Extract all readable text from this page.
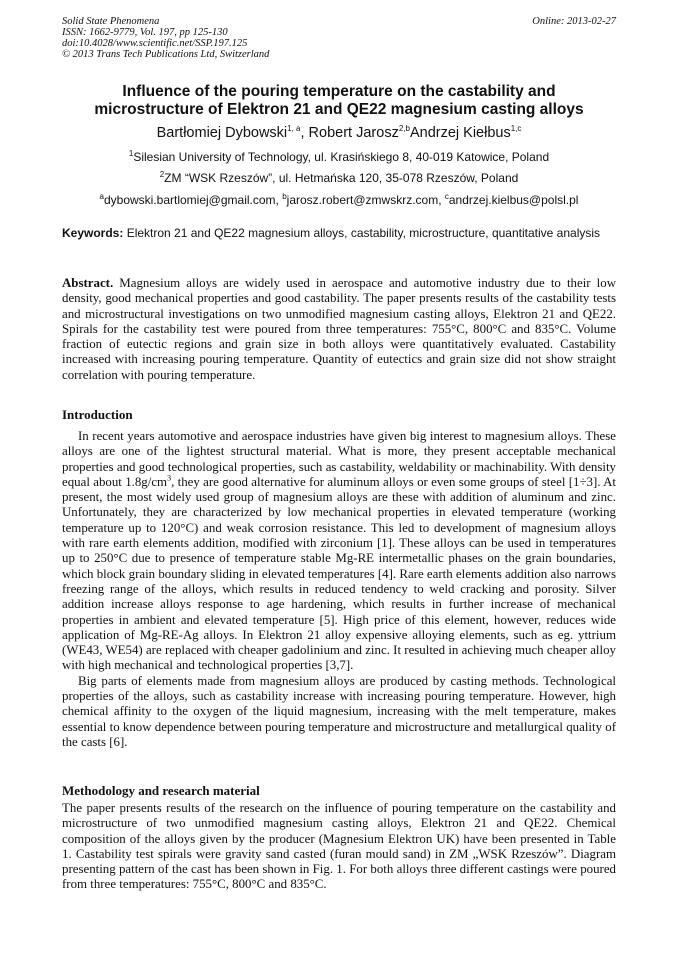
Solid State Phenomena
ISSN: 1662-9779, Vol. 197, pp 125-130
doi:10.4028/www.scientific.net/SSP.197.125
© 2013 Trans Tech Publications Ltd, Switzerland
Online: 2013-02-27
Influence of the pouring temperature on the castability and
microstructure of Elektron 21 and QE22 magnesium casting alloys
Bartłomiej Dybowski$^{1, a}$, Robert Jarosz$^{2,b}$Andrzej Kiełbus$^{1,c}$
$^1$Silesian University of Technology, ul. Krasińskiego 8, 40-019 Katowice, Poland
$^2$ZM “WSK Rzeszów”, ul. Hetmańska 120, 35-078 Rzeszów, Poland
$^a$dybowski.bartlomiej@gmail.com, $^b$jarosz.robert@zmwskrz.com, $^c$andrzej.kielbus@polsl.pl
Keywords: Elektron 21 and QE22 magnesium alloys, castability, microstructure, quantitative analysis

Abstract. Magnesium alloys are widely used in aerospace and automotive industry due to their low density, good mechanical properties and good castability. The paper presents results of the castability tests and microstructural investigations on two unmodified magnesium casting alloys, Elektron 21 and QE22. Spirals for the castability test were poured from three temperatures: 755°C, 800°C and 835°C. Volume fraction of eutectic regions and grain size in both alloys were quantitatively evaluated. Castability increased with increasing pouring temperature. Quantity of eutectics and grain size did not show straight correlation with pouring temperature.

Introduction

In recent years automotive and aerospace industries have given big interest to magnesium alloys. These alloys are one of the lightest structural material. What is more, they present acceptable mechanical properties and good technological properties, such as castability, weldability or machinability. With density equal about $1.8g/cm^3$, they are good alternative for aluminum alloys or even some groups of steel [1÷3]. At present, the most widely used group of magnesium alloys are these with addition of aluminum and zinc. Unfortunately, they are characterized by low mechanical properties in elevated temperature (working temperature up to 120°C) and weak corrosion resistance. This led to development of magnesium alloys with rare earth elements addition, modified with zirconium [1]. These alloys can be used in temperatures up to 250°C due to presence of temperature stable Mg-RE intermetallic phases on the grain boundaries, which block grain boundary sliding in elevated temperatures [4]. Rare earth elements addition also narrows freezing range of the alloys, which results in reduced tendency to weld cracking and porosity. Silver addition increase alloys response to age hardening, which results in further increase of mechanical properties in ambient and elevated temperature [5]. High price of this element, however, reduces wide application of Mg-RE-Ag alloys. In Elektron 21 alloy expensive alloying elements, such as eg. yttrium (WE43, WE54) are replaced with cheaper gadolinium and zinc. It resulted in achieving much cheaper alloy with high mechanical and technological properties [3,7].

Big parts of elements made from magnesium alloys are produced by casting methods. Technological properties of the alloys, such as castability increase with increasing pouring temperature. However, high chemical affinity to the oxygen of the liquid magnesium, increasing with the melt temperature, makes essential to know dependence between pouring temperature and microstructure and metallurgical quality of the casts [6].

Methodology and research material

The paper presents results of the research on the influence of pouring temperature on the castability and microstructure of two unmodified magnesium casting alloys, Elektron 21 and QE22. Chemical composition of the alloys given by the producer (Magnesium Elektron UK) have been presented in Table 1. Castability test spirals were gravity sand casted (furan mould sand) in ZM „WSK Rzeszów”. Diagram presenting pattern of the cast has been shown in Fig. 1. For both alloys three different castings were poured from three temperatures: 755°C, 800°C and 835°C.
